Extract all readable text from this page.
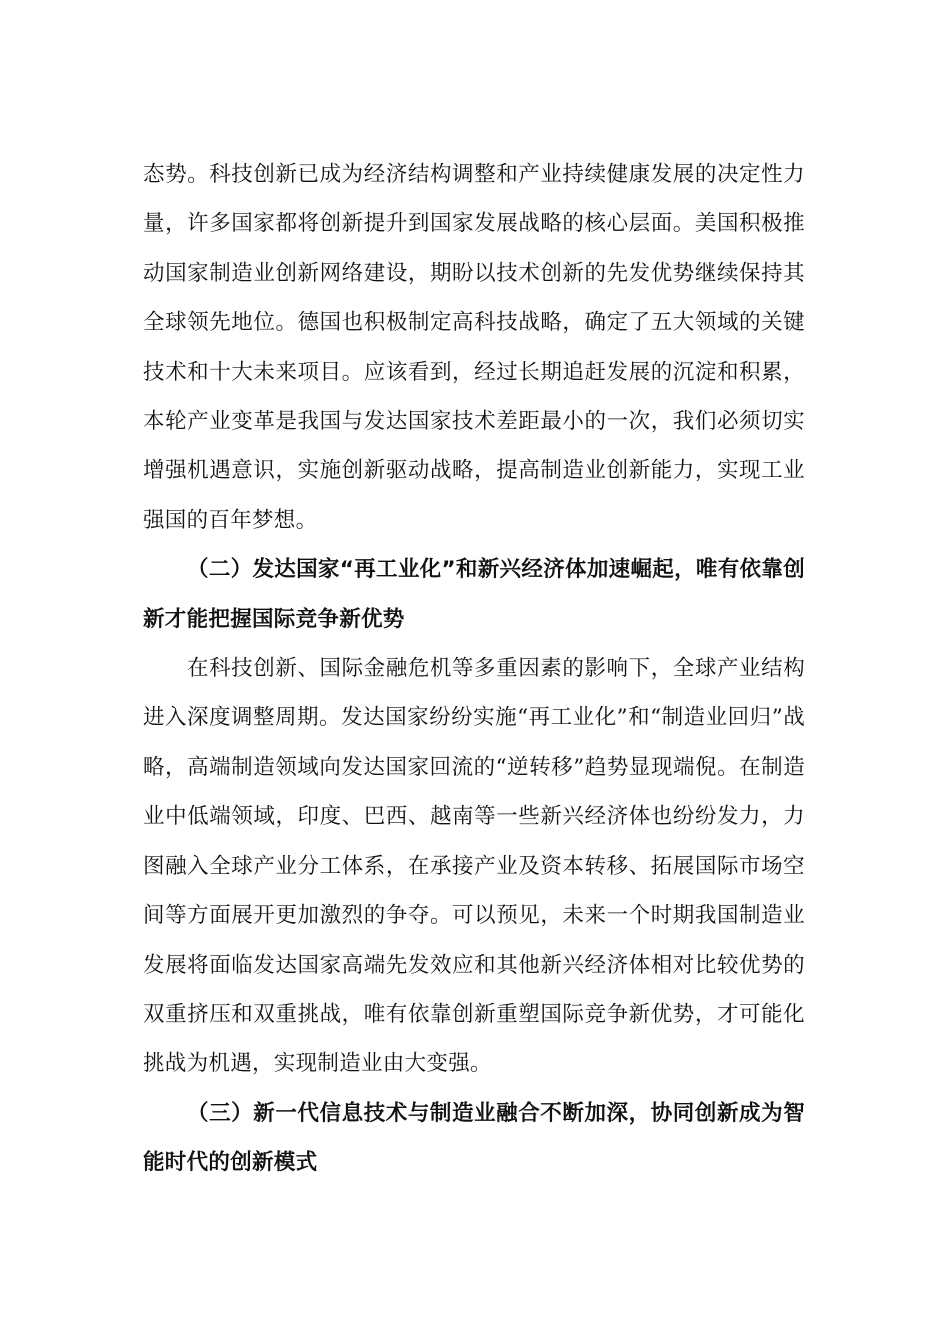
态势。科技创新已成为经济结构调整和产业持续健康发展的决定性力量，许多国家都将创新提升到国家发展战略的核心层面。美国积极推动国家制造业创新网络建设，期盼以技术创新的先发优势继续保持其全球领先地位。德国也积极制定高科技战略，确定了五大领域的关键技术和十大未来项目。应该看到，经过长期追赶发展的沉淀和积累，本轮产业变革是我国与发达国家技术差距最小的一次，我们必须切实增强机遇意识，实施创新驱动战略，提高制造业创新能力，实现工业强国的百年梦想。

（二）发达国家“再工业化”和新兴经济体加速崛起，唯有依靠创新才能把握国际竞争新优势

在科技创新、国际金融危机等多重因素的影响下，全球产业结构进入深度调整周期。发达国家纷纷实施“再工业化”和“制造业回归”战略，高端制造领域向发达国家回流的“逆转移”趋势显现端倪。在制造业中低端领域，印度、巴西、越南等一些新兴经济体也纷纷发力，力图融入全球产业分工体系，在承接产业及资本转移、拓展国际市场空间等方面展开更加激烈的争夺。可以预见，未来一个时期我国制造业发展将面临发达国家高端先发效应和其他新兴经济体相对比较优势的双重挤压和双重挑战，唯有依靠创新重塑国际竞争新优势，才可能化挑战为机遇，实现制造业由大变强。

（三）新一代信息技术与制造业融合不断加深，协同创新成为智能时代的创新模式
